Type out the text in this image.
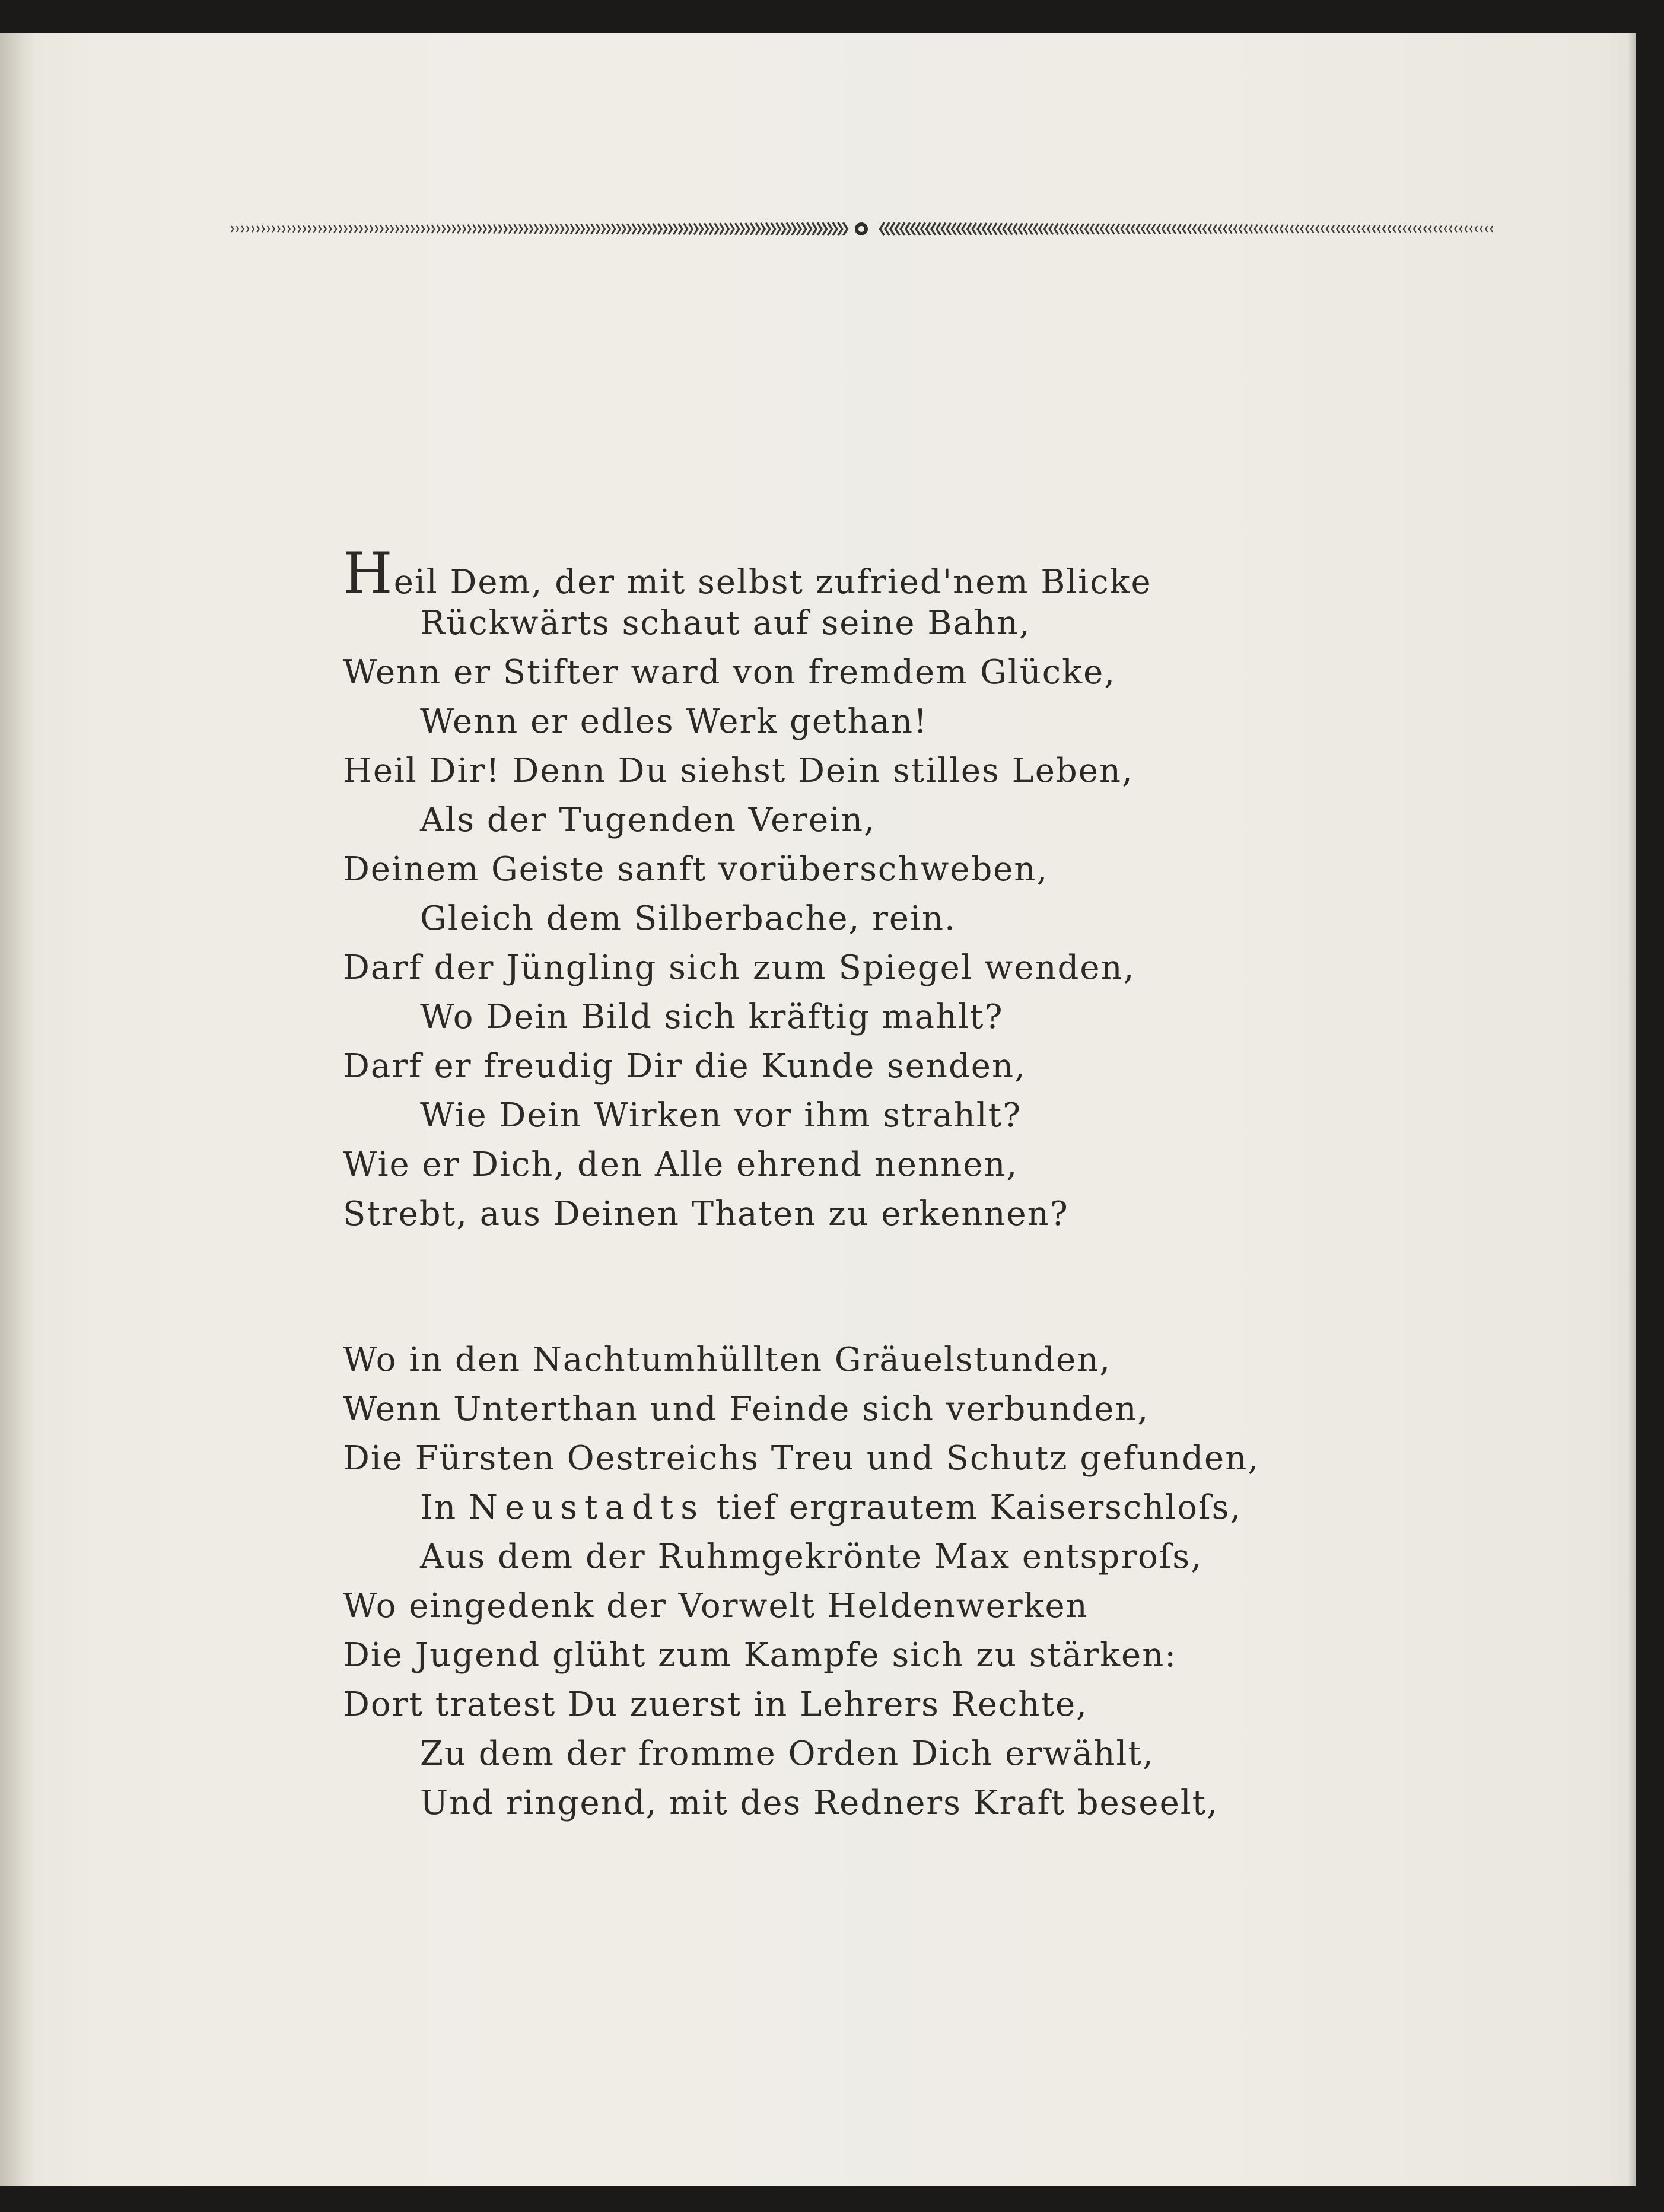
Heil Dem, der mit selbst zufried'nem Blicke
Rückwärts schaut auf seine Bahn,
Wenn er Stifter ward von fremdem Glücke,
Wenn er edles Werk gethan!
Heil Dir! Denn Du siehst Dein stilles Leben,
Als der Tugenden Verein,
Deinem Geiste sanft vorüberschweben,
Gleich dem Silberbache, rein.
Darf der Jüngling sich zum Spiegel wenden,
Wo Dein Bild sich kräftig mahlt?
Darf er freudig Dir die Kunde senden,
Wie Dein Wirken vor ihm strahlt?
Wie er Dich, den Alle ehrend nennen,
Strebt, aus Deinen Thaten zu erkennen?
Wo in den Nachtumhüllten Gräuelstunden,
Wenn Unterthan und Feinde sich verbunden,
Die Fürsten Oestreichs Treu und Schutz gefunden,
In Neustadts tief ergrautem Kaiserschloſs,
Aus dem der Ruhmgekrönte Max entsproſs,
Wo eingedenk der Vorwelt Heldenwerken
Die Jugend glüht zum Kampfe sich zu stärken:
Dort tratest Du zuerst in Lehrers Rechte,
Zu dem der fromme Orden Dich erwählt,
Und ringend, mit des Redners Kraft beseelt,
